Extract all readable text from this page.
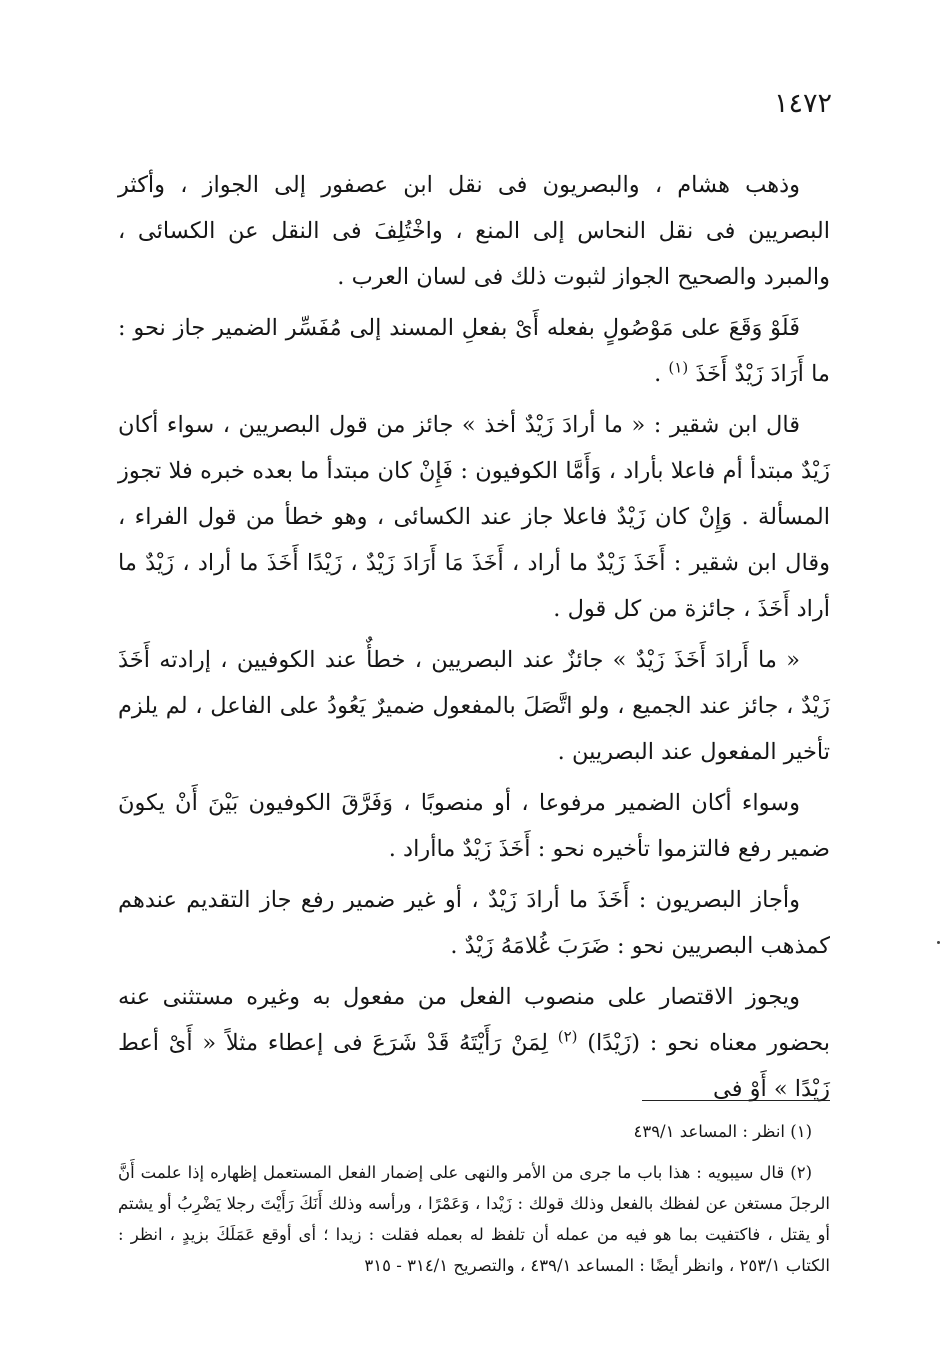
١٤٧٢

وذهب هشام ، والبصريون فى نقل ابن عصفور إلى الجواز ، وأكثر البصريين فى نقل النحاس إلى المنع ، واخْتُلِفَ فى النقل عن الكسائى ، والمبرد والصحيح الجواز لثبوت ذلك فى لسان العرب .

فَلَوْ وَقَعَ على مَوْصُولٍ بفعله أَىْ بفعلِ المسند إلى مُفَسِّر الضمير جاز نحو : ما أَرَادَ زَيْدٌ أَخَذَ $^{(١)}$ .

قال ابن شقير : « ما أرادَ زَيْدٌ أخذ » جائز من قول البصريين ، سواء أكان زَيْدٌ مبتدأ أم فاعلا بأراد ، وَأَمَّا الكوفيون : فَإِنْ كان مبتدأ ما بعده خبره فلا تجوز المسألة . وَإِنْ كان زَيْدٌ فاعلا جاز عند الكسائى ، وهو خطأ من قول الفراء ، وقال ابن شقير : أَخَذَ زَيْدٌ ما أراد ، أَخَذَ مَا أَرَادَ زَيْدٌ ، زَيْدًا أَخَذَ ما أراد ، زَيْدٌ ما أراد أَخَذَ ، جائزة من كل قول .

« ما أَرادَ أَخَذَ زَيْدٌ » جائزٌ عند البصريين ، خطأٌ عند الكوفيين ، إرادته أَخَذَ زَيْدٌ ، جائز عند الجميع ، ولو اتَّصَلَ بالمفعول ضميرٌ يَعُودُ على الفاعل ، لم يلزم تأخير المفعول عند البصريين .

وسواء أكان الضمير مرفوعا ، أو منصوبًا ، وَفَرَّقَ الكوفيون بَيْنَ أَنْ يكونَ ضمير رفع فالتزموا تأخيره نحو : أَخَذَ زَيْدٌ ماأراد .

وأجاز البصريون : أَخَذَ ما أرادَ زَيْدٌ ، أو غير ضمير رفع جاز التقديم عندهم كمذهب البصريين نحو : ضَرَبَ غُلامَهُ زَيْدٌ .

ويجوز الاقتصار على منصوب الفعل من مفعول به وغيره مستثنى عنه بحضور معناه نحو : (زَيْدًا) $^{(٢)}$ لِمَنْ رَأَيْتَهُ قَدْ شَرَعَ فى إعطاء مثلاً « أَىْ أعط زَيْدًا » أَوْ فى

(١) انظر : المساعد ٤٣٩/١

(٢) قال سيبويه : هذا باب ما جرى من الأمر والنهى على إضمار الفعل المستعمل إظهاره إذا علمت أَنَّ الرجلَ مستغن عن لفظك بالفعل وذلك قولك : زَيْدا ، وَعَمْرًا ، ورأسه وذلك أَنَكَ رَأَيْتَ رجلا يَضْرِبُ أو يشتم أو يقتل ، فاكتفيت بما هو فيه من عمله أن تلفظ له بعمله فقلت : زيدا ؛ أى أوقع عَمَلَكَ بزيدٍ ، انظر : الكتاب ٢٥٣/١ ، وانظر أيضًا : المساعد ٤٣٩/١ ، والتصريح ٣١٤/١ - ٣١٥
